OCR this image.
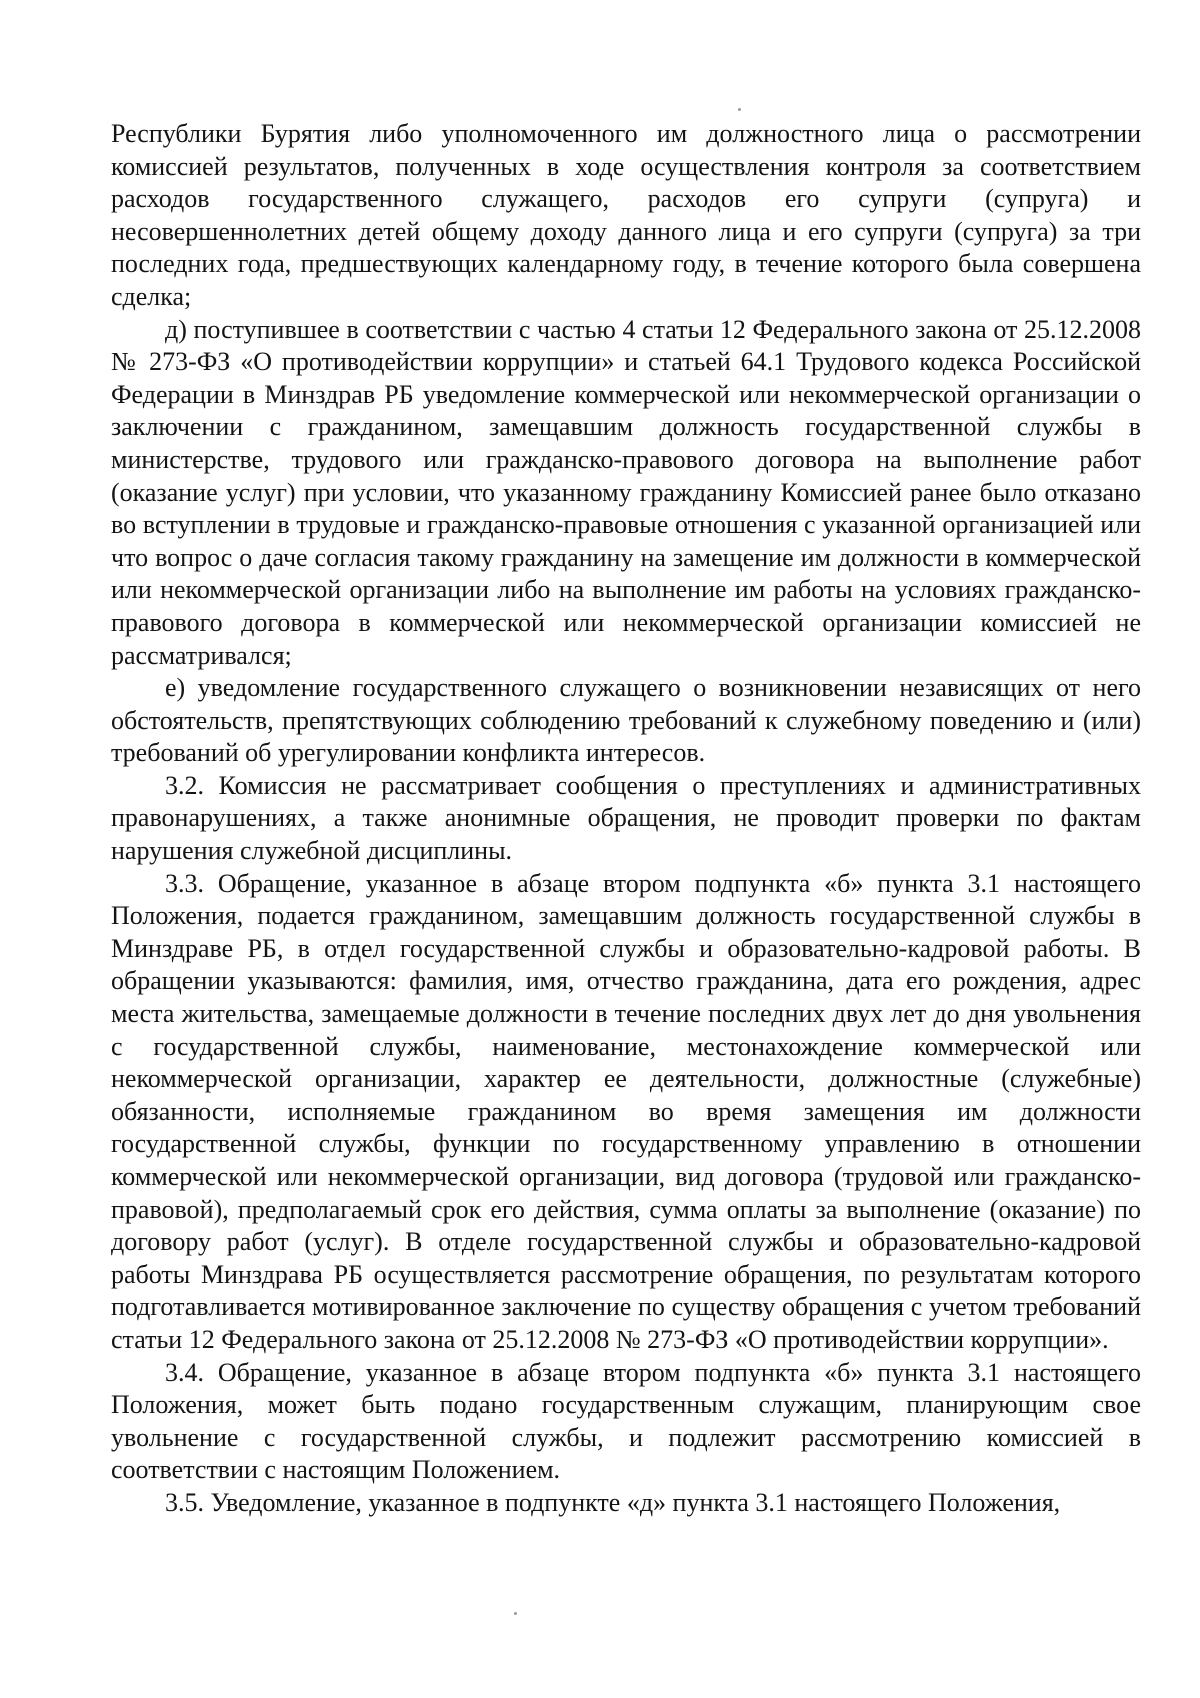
Республики Бурятия либо уполномоченного им должностного лица о рассмотрении комиссией результатов, полученных в ходе осуществления контроля за соответствием расходов государственного служащего, расходов его супруги (супруга) и несовершеннолетних детей общему доходу данного лица и его супруги (супруга) за три последних года, предшествующих календарному году, в течение которого была совершена сделка;

д) поступившее в соответствии с частью 4 статьи 12 Федерального закона от 25.12.2008 № 273-ФЗ «О противодействии коррупции» и статьей 64.1 Трудового кодекса Российской Федерации в Минздрав РБ уведомление коммерческой или некоммерческой организации о заключении с гражданином, замещавшим должность государственной службы в министерстве, трудового или гражданско-правового договора на выполнение работ (оказание услуг) при условии, что указанному гражданину Комиссией ранее было отказано во вступлении в трудовые и гражданско-правовые отношения с указанной организацией или что вопрос о даче согласия такому гражданину на замещение им должности в коммерческой или некоммерческой организации либо на выполнение им работы на условиях гражданско-правового договора в коммерческой или некоммерческой организации комиссией не рассматривался;

е) уведомление государственного служащего о возникновении независящих от него обстоятельств, препятствующих соблюдению требований к служебному поведению и (или) требований об урегулировании конфликта интересов.

3.2. Комиссия не рассматривает сообщения о преступлениях и административных правонарушениях, а также анонимные обращения, не проводит проверки по фактам нарушения служебной дисциплины.

3.3. Обращение, указанное в абзаце втором подпункта «б» пункта 3.1 настоящего Положения, подается гражданином, замещавшим должность государственной службы в Минздраве РБ, в отдел государственной службы и образовательно-кадровой работы. В обращении указываются: фамилия, имя, отчество гражданина, дата его рождения, адрес места жительства, замещаемые должности в течение последних двух лет до дня увольнения с государственной службы, наименование, местонахождение коммерческой или некоммерческой организации, характер ее деятельности, должностные (служебные) обязанности, исполняемые гражданином во время замещения им должности государственной службы, функции по государственному управлению в отношении коммерческой или некоммерческой организации, вид договора (трудовой или гражданско-правовой), предполагаемый срок его действия, сумма оплаты за выполнение (оказание) по договору работ (услуг). В отделе государственной службы и образовательно-кадровой работы Минздрава РБ осуществляется рассмотрение обращения, по результатам которого подготавливается мотивированное заключение по существу обращения с учетом требований статьи 12 Федерального закона от 25.12.2008 № 273-ФЗ «О противодействии коррупции».

3.4. Обращение, указанное в абзаце втором подпункта «б» пункта 3.1 настоящего Положения, может быть подано государственным служащим, планирующим свое увольнение с государственной службы, и подлежит рассмотрению комиссией в соответствии с настоящим Положением.

3.5. Уведомление, указанное в подпункте «д» пункта 3.1 настоящего Положения,
